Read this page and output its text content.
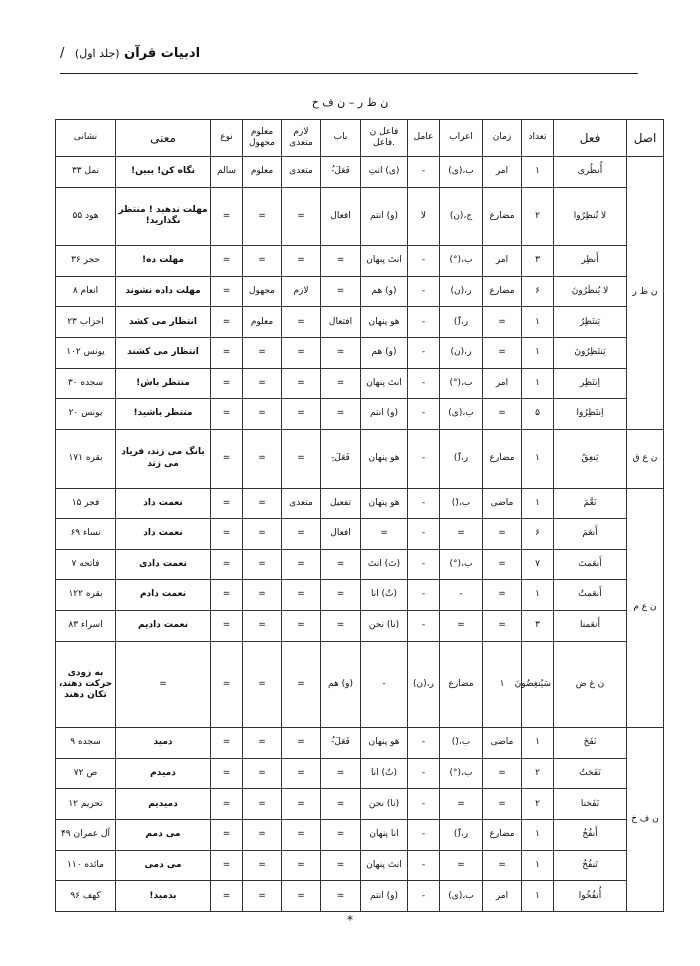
ادبیات قرآن (جلد اول) /
ن ظ ر – ن ف خ
اصل	فعل	تعداد	زمان	اعراب	عامل	فاعل ن .فاعل	باب	لازم متعدی	معلوم مجهول	نوع	معنی	نشانی	
ن ظ ر	أُنظُرى	۱	امر	ب،(ی)	-	(ی) انتِ	فَعَلَ-ُ	متعدی	معلوم	سالم	نگاه کن! ببین!	نمل ۳۳	
	لا تُنظِرُوا	۲	مضارع	ج،(ن)	لا	(و) انتم	افعال	=	=	=	مهلت ندهید ! منتظر نگذارید!	هود ۵۵	
	أَنظِر	۳	امر	ب،(°)	-	انتَ پنهان	=	=	=	=	مهلت ده!	حجر ۳۶	
	لا يُنظَرُونَ	۶	مضارع	ر،(ن)	-	(و) هم	=	لازم	مجهول	=	مهلت داده نشوند	انعام ۸	
	يَنتَظِرُ	۱	=	ر،(ُ)	-	هو پنهان	افتعال	=	معلوم	=	انتظار می کشد	احزاب ۲۳	
	يَنتَظِرُونَ	۱	=	ر،(ن)	-	(و) هم	=	=	=	=	انتظار می کشند	یونس ۱۰۲	
	اِنتَظِر	۱	امر	ب،(°)	-	انتَ پنهان	=	=	=	=	منتظر باش!	سجده ۳۰	
	اِنتَظِرُوا	۵	=	ب،(ی)	-	(و) انتم	=	=	=	=	منتظر باشید!	یونس ۲۰	
ن ع ق	يَنعِقُ	۱	مضارع	ر،(ُ)	-	هو پنهان	فَعَلَ-ِ	=	=	=	بانگ می زند، فریاد می زند	بقره ۱۷۱	
ن ع م	نَعَّمَ	۱	ماضی	ب،(َ)	-	هو پنهان	تفعیل	متعدی	=	=	نعمت داد	فجر ۱۵	
	أَنعَمَ	۶	=	=	-	=	افعال	=	=	=	نعمت داد	نساء ۶۹	
	أَنعَمتَ	۷	=	ب،(°)	-	(تَ) انتَ	=	=	=	=	نعمت دادی	فاتحه ۷	
	أَنعَمتُ	۱	=	-	-	(تُ) انا	=	=	=	=	نعمت دادم	بقره ۱۲۲	
	أَنعَمنا	۳	=	=	-	(نا) نحن	=	=	=	=	نعمت دادیم	اسراء ۸۳	
	ن غ ض	سَيُنغِضُونَ	۱	مضارع	ر،(ن)	-	(و) هم	=	=	=	=	به زودی حرکت دهند، تکان دهند	
ن ف خ	نَفَخَ	۱	ماضی	ب،(َ)	-	هو پنهان	فَعَلَ-ُ	=	=	=	دمید	سجده ۹	
	نَفَختُ	۲	=	ب،(°)	-	(تُ) انا	=	=	=	=	دمیدم	ص ۷۲	
	نَفَخنا	۲	=	=	-	(نا) نحن	=	=	=	=	دمیدیم	تحریم ۱۲	
	أَنفُخُ	۱	مضارع	ر،(ُ)	-	انا پنهان	=	=	=	=	می دمم	آل عمران ۴۹	
	تَنفُخُ	۱	=	=	-	انتَ پنهان	=	=	=	=	می دمی	مائده ۱۱۰	
	أُنفُخُوا	۱	امر	ب،(ی)	-	(و) انتم	=	=	=	=	بدمید!	کهف ۹۶	
*
